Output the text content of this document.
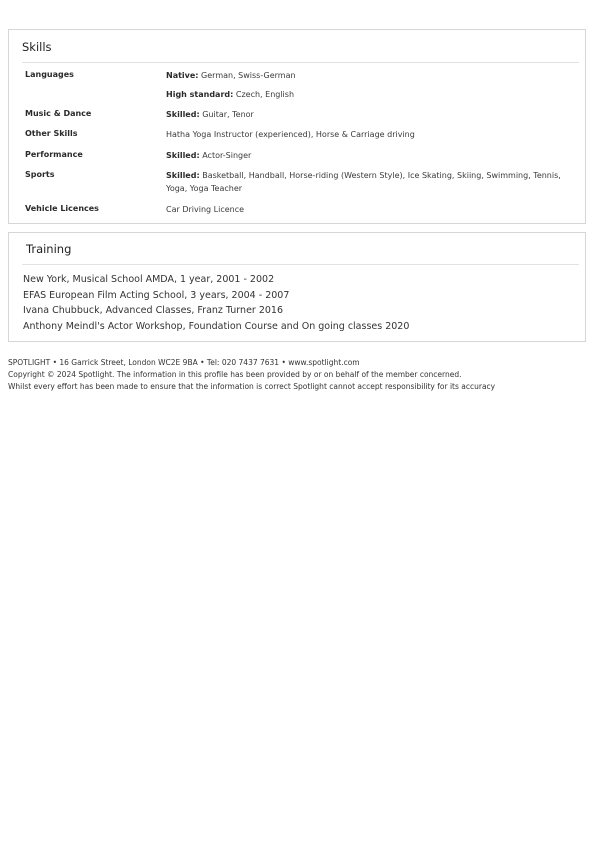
Skills
Languages	Native: German, Swiss-German
High standard: Czech, English
Music & Dance	Skilled: Guitar, Tenor
Other Skills	Hatha Yoga Instructor (experienced), Horse & Carriage driving
Performance	Skilled: Actor-Singer
Sports	Skilled: Basketball, Handball, Horse-riding (Western Style), Ice Skating, Skiing, Swimming, Tennis, Yoga, Yoga Teacher
Vehicle Licences	Car Driving Licence
Training
New York, Musical School AMDA, 1 year, 2001 - 2002
EFAS European Film Acting School, 3 years, 2004 - 2007
Ivana Chubbuck, Advanced Classes, Franz Turner 2016
Anthony Meindl's Actor Workshop, Foundation Course and On going classes 2020
SPOTLIGHT • 16 Garrick Street, London WC2E 9BA • Tel: 020 7437 7631 • www.spotlight.com
Copyright © 2024 Spotlight. The information in this profile has been provided by or on behalf of the member concerned.
Whilst every effort has been made to ensure that the information is correct Spotlight cannot accept responsibility for its accuracy
